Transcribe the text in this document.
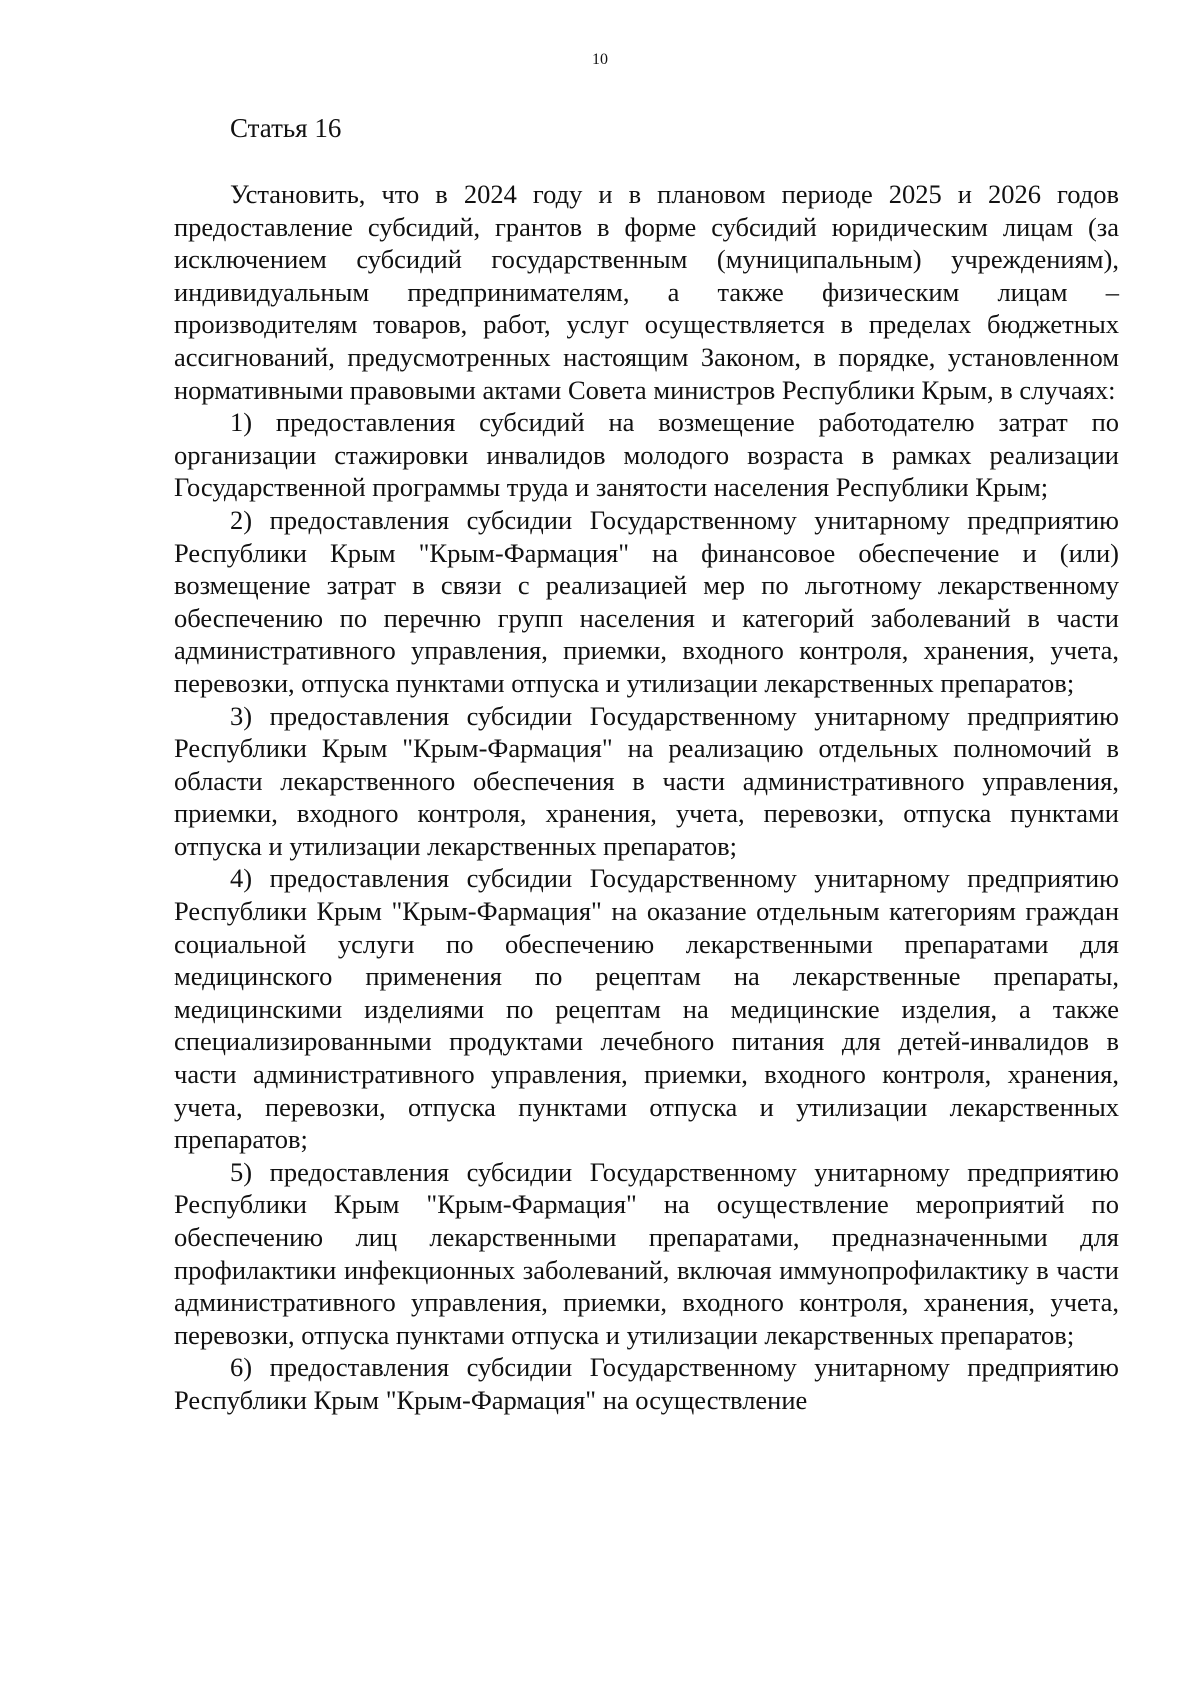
10
Статья 16

Установить, что в 2024 году и в плановом периоде 2025 и 2026 годов предоставление субсидий, грантов в форме субсидий юридическим лицам (за исключением субсидий государственным (муниципальным) учреждениям), индивидуальным предпринимателям, а также физическим лицам – производителям товаров, работ, услуг осуществляется в пределах бюджетных ассигнований, предусмотренных настоящим Законом, в порядке, установленном нормативными правовыми актами Совета министров Республики Крым, в случаях:

1) предоставления субсидий на возмещение работодателю затрат по организации стажировки инвалидов молодого возраста в рамках реализации Государственной программы труда и занятости населения Республики Крым;

2) предоставления субсидии Государственному унитарному предприятию Республики Крым "Крым-Фармация" на финансовое обеспечение и (или) возмещение затрат в связи с реализацией мер по льготному лекарственному обеспечению по перечню групп населения и категорий заболеваний в части административного управления, приемки, входного контроля, хранения, учета, перевозки, отпуска пунктами отпуска и утилизации лекарственных препаратов;

3) предоставления субсидии Государственному унитарному предприятию Республики Крым "Крым-Фармация" на реализацию отдельных полномочий в области лекарственного обеспечения в части административного управления, приемки, входного контроля, хранения, учета, перевозки, отпуска пунктами отпуска и утилизации лекарственных препаратов;

4) предоставления субсидии Государственному унитарному предприятию Республики Крым "Крым-Фармация" на оказание отдельным категориям граждан социальной услуги по обеспечению лекарственными препаратами для медицинского применения по рецептам на лекарственные препараты, медицинскими изделиями по рецептам на медицинские изделия, а также специализированными продуктами лечебного питания для детей-инвалидов в части административного управления, приемки, входного контроля, хранения, учета, перевозки, отпуска пунктами отпуска и утилизации лекарственных препаратов;

5) предоставления субсидии Государственному унитарному предприятию Республики Крым "Крым-Фармация" на осуществление мероприятий по обеспечению лиц лекарственными препаратами, предназначенными для профилактики инфекционных заболеваний, включая иммунопрофилактику в части административного управления, приемки, входного контроля, хранения, учета, перевозки, отпуска пунктами отпуска и утилизации лекарственных препаратов;

6) предоставления субсидии Государственному унитарному предприятию Республики Крым "Крым-Фармация" на осуществление
